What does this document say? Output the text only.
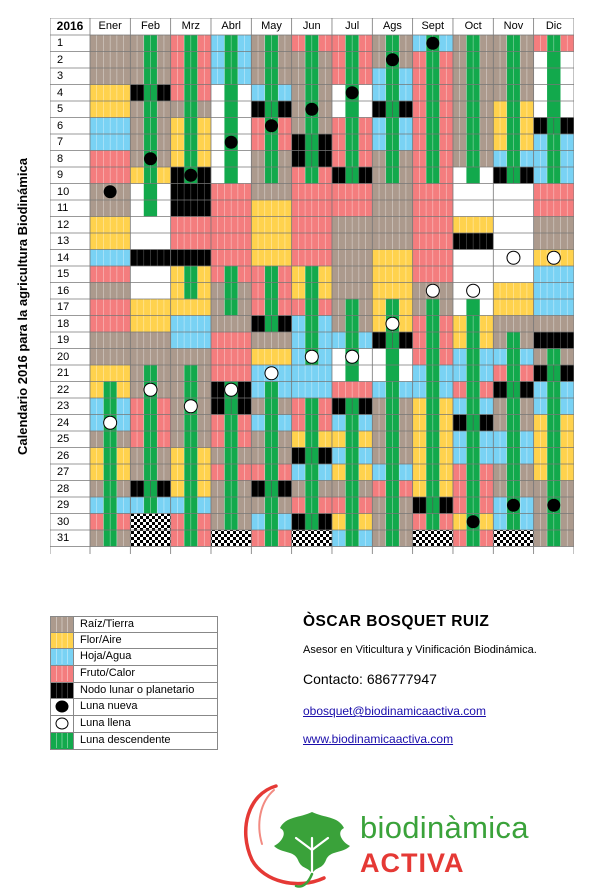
Calendario 2016 para la agricultura Biodinámica
2016	Ener	Feb	Mrz	Abrl	May	Jun	Jul	Ags	Sept	Oct	Nov	Dic
1
2
3
4
5
6
7
8
9
10
11
12
13
14
15
16
17
18
19
20
21
22
23
24
25
26
27
28
29
30
31
Raíz/Tierra
Flor/Aire
Hoja/Agua
Fruto/Calor
Nodo lunar o planetario
Luna nueva
Luna llena
Luna descendente
ÒSCAR BOSQUET RUIZ
Asesor en Viticultura y Vinificación Biodinámica.
Contacto: 686777947
obosquet@biodinamicaactiva.com
www.biodinamicaactiva.com
biodinàmica
ACTIVA
